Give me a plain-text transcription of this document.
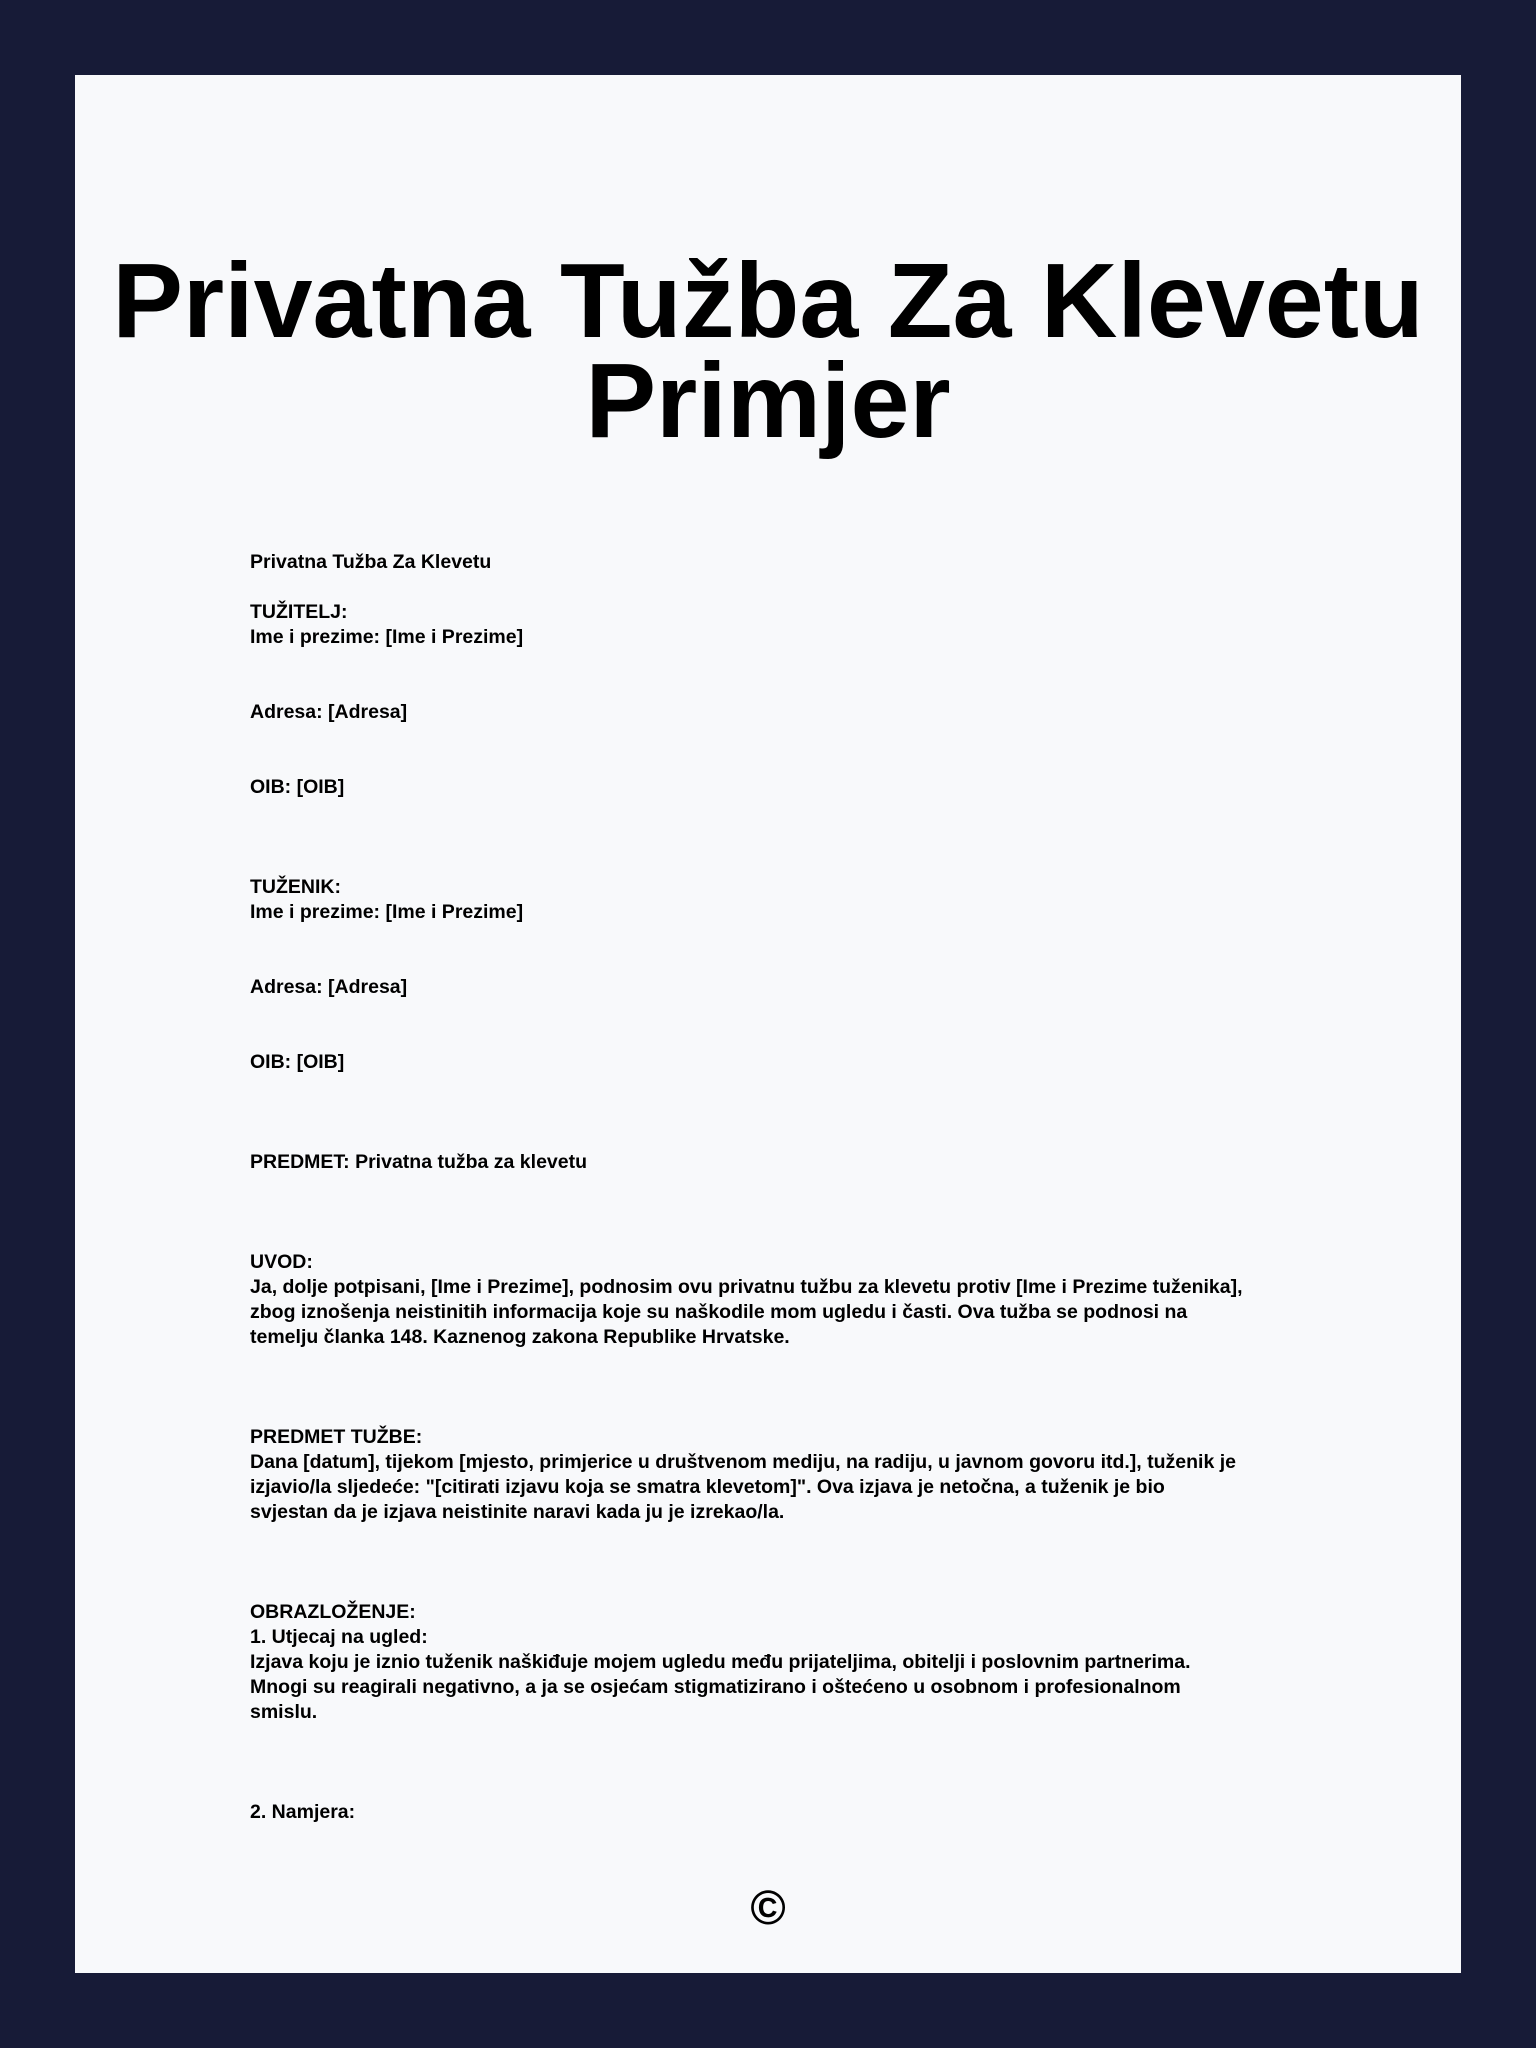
Privatna Tužba Za Klevetu Primjer

Privatna Tužba Za Klevetu

TUŽITELJ:

Ime i prezime: [Ime i Prezime]

Adresa: [Adresa]

OIB: [OIB]

TUŽENIK:

Ime i prezime: [Ime i Prezime]

Adresa: [Adresa]

OIB: [OIB]

PREDMET: Privatna tužba za klevetu

UVOD:

Ja, dolje potpisani, [Ime i Prezime], podnosim ovu privatnu tužbu za klevetu protiv [Ime i Prezime tuženika],
zbog iznošenja neistinitih informacija koje su naškodile mom ugledu i časti. Ova tužba se podnosi na
temelju članka 148. Kaznenog zakona Republike Hrvatske.

PREDMET TUŽBE:

Dana [datum], tijekom [mjesto, primjerice u društvenom mediju, na radiju, u javnom govoru itd.], tuženik je
izjavio/la sljedeće: "[citirati izjavu koja se smatra klevetom]". Ova izjava je netočna, a tuženik je bio
svjestan da je izjava neistinite naravi kada ju je izrekao/la.

OBRAZLOŽENJE:

1. Utjecaj na ugled:

Izjava koju je iznio tuženik naškiđuje mojem ugledu među prijateljima, obitelji i poslovnim partnerima.
Mnogi su reagirali negativno, a ja se osjećam stigmatizirano i oštećeno u osobnom i profesionalnom
smislu.

2. Namjera:

©
